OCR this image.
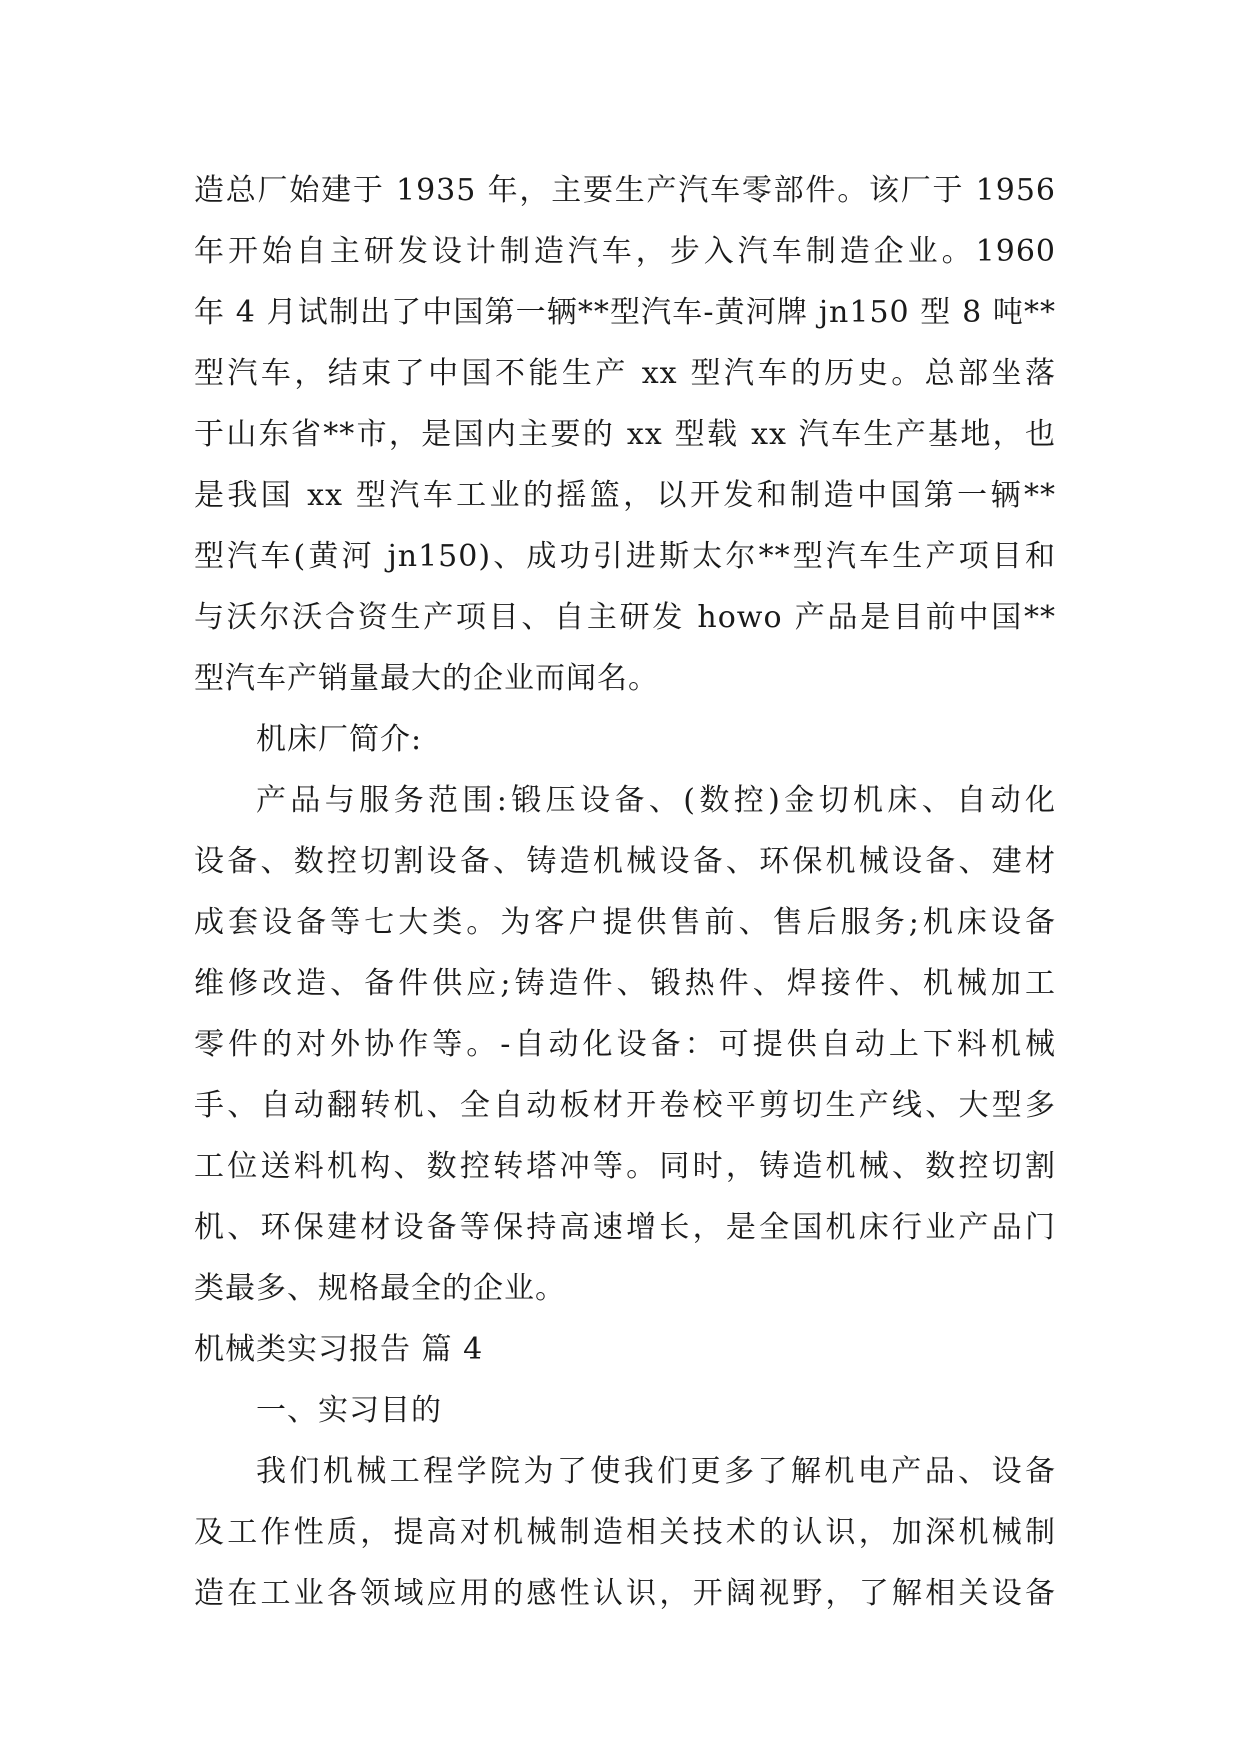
造总厂始建于 1935 年，主要生产汽车零部件。该厂于 1956
年开始自主研发设计制造汽车，步入汽车制造企业。1960
年 4 月试制出了中国第一辆**型汽车-黄河牌 jn150 型 8 吨**
型汽车，结束了中国不能生产 xx 型汽车的历史。总部坐落
于山东省**市，是国内主要的 xx 型载 xx 汽车生产基地，也
是我国 xx 型汽车工业的摇篮，以开发和制造中国第一辆**
型汽车(黄河 jn150)、成功引进斯太尔**型汽车生产项目和
与沃尔沃合资生产项目、自主研发 howo 产品是目前中国**
型汽车产销量最大的企业而闻名。
机床厂简介:
产品与服务范围:锻压设备、(数控)金切机床、自动化
设备、数控切割设备、铸造机械设备、环保机械设备、建材
成套设备等七大类。为客户提供售前、售后服务;机床设备
维修改造、备件供应;铸造件、锻热件、焊接件、机械加工
零件的对外协作等。-自动化设备：可提供自动上下料机械
手、自动翻转机、全自动板材开卷校平剪切生产线、大型多
工位送料机构、数控转塔冲等。同时，铸造机械、数控切割
机、环保建材设备等保持高速增长，是全国机床行业产品门
类最多、规格最全的企业。
机械类实习报告 篇 4
一、实习目的
我们机械工程学院为了使我们更多了解机电产品、设备
及工作性质，提高对机械制造相关技术的认识，加深机械制
造在工业各领域应用的感性认识，开阔视野，了解相关设备
